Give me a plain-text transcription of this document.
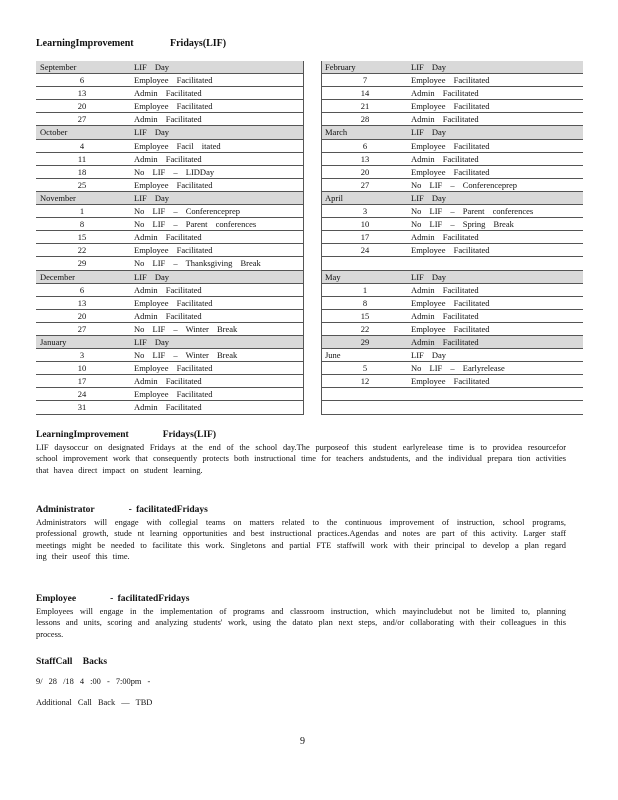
LearningImprovement	Fridays(LIF)
September	LIF Day
6	Employee Facilitated
13	Admin Facilitated
20	Employee Facilitated
27	Admin Facilitated
October	LIF Day
4	Employee Facil itated
11	Admin Facilitated
18	No LIF – LIDDay
25	Employee Facilitated
November	LIF Day
1	No LIF – Conferenceprep
8	No LIF – Parent conferences
15	Admin Facilitated
22	Employee Facilitated
29	No LIF – Thanksgiving Break
December	LIF Day
6	Admin Facilitated
13	Employee Facilitated
20	Admin Facilitated
27	No LIF – Winter Break
January	LIF Day
3	No LIF – Winter Break
10	Employee Facilitated
17	Admin Facilitated
24	Employee Facilitated
31	Admin Facilitated
February	LIF Day
7	Employee Facilitated
14	Admin Facilitated
21	Employee Facilitated
28	Admin Facilitated
March	LIF Day
6	Employee Facilitated
13	Admin Facilitated
20	Employee Facilitated
27	No LIF – Conferenceprep
April	LIF Day
3	No LIF – Parent conferences
10	No LIF – Spring Break
17	Admin Facilitated
24	Employee Facilitated
May	LIF Day
1	Admin Facilitated
8	Employee Facilitated
15	Admin Facilitated
22	Employee Facilitated
29	Admin Facilitated
June	LIF Day
5	No LIF – Earlyrelease
12	Employee Facilitated
LearningImprovement	Fridays(LIF)

LIF daysoccur on designated Fridays at the end of the school day.The purposeof this student earlyrelease time is to providea resourcefor school improvement work that consequently protects both instructional time for teachers andstudents, and the individual prepara tion activities that havea direct impact on student learning.

Administrator	- facilitatedFridays

Administrators will engage with collegial teams on matters related to the continuous improvement of instruction, school programs, professional growth, stude nt learning opportunities and best instructional practices.Agendas and notes are part of this activity. Larger staff meetings might be needed to facilitate this work. Singletons and partial FTE staffwill work with their principal to develop a plan regard ing their useof this time.

Employee	- facilitatedFridays

Employees will engage in the implementation of programs and classroom instruction, which mayincludebut not be limited to, planning lessons and units, scoring and analyzing students' work, using the datato plan next steps, and/or collaborating with their colleagues in this process.

StaffCall Backs
9/ 28 /18 4 :00 - 7:00pm -
Additional Call Back — TBD
9
